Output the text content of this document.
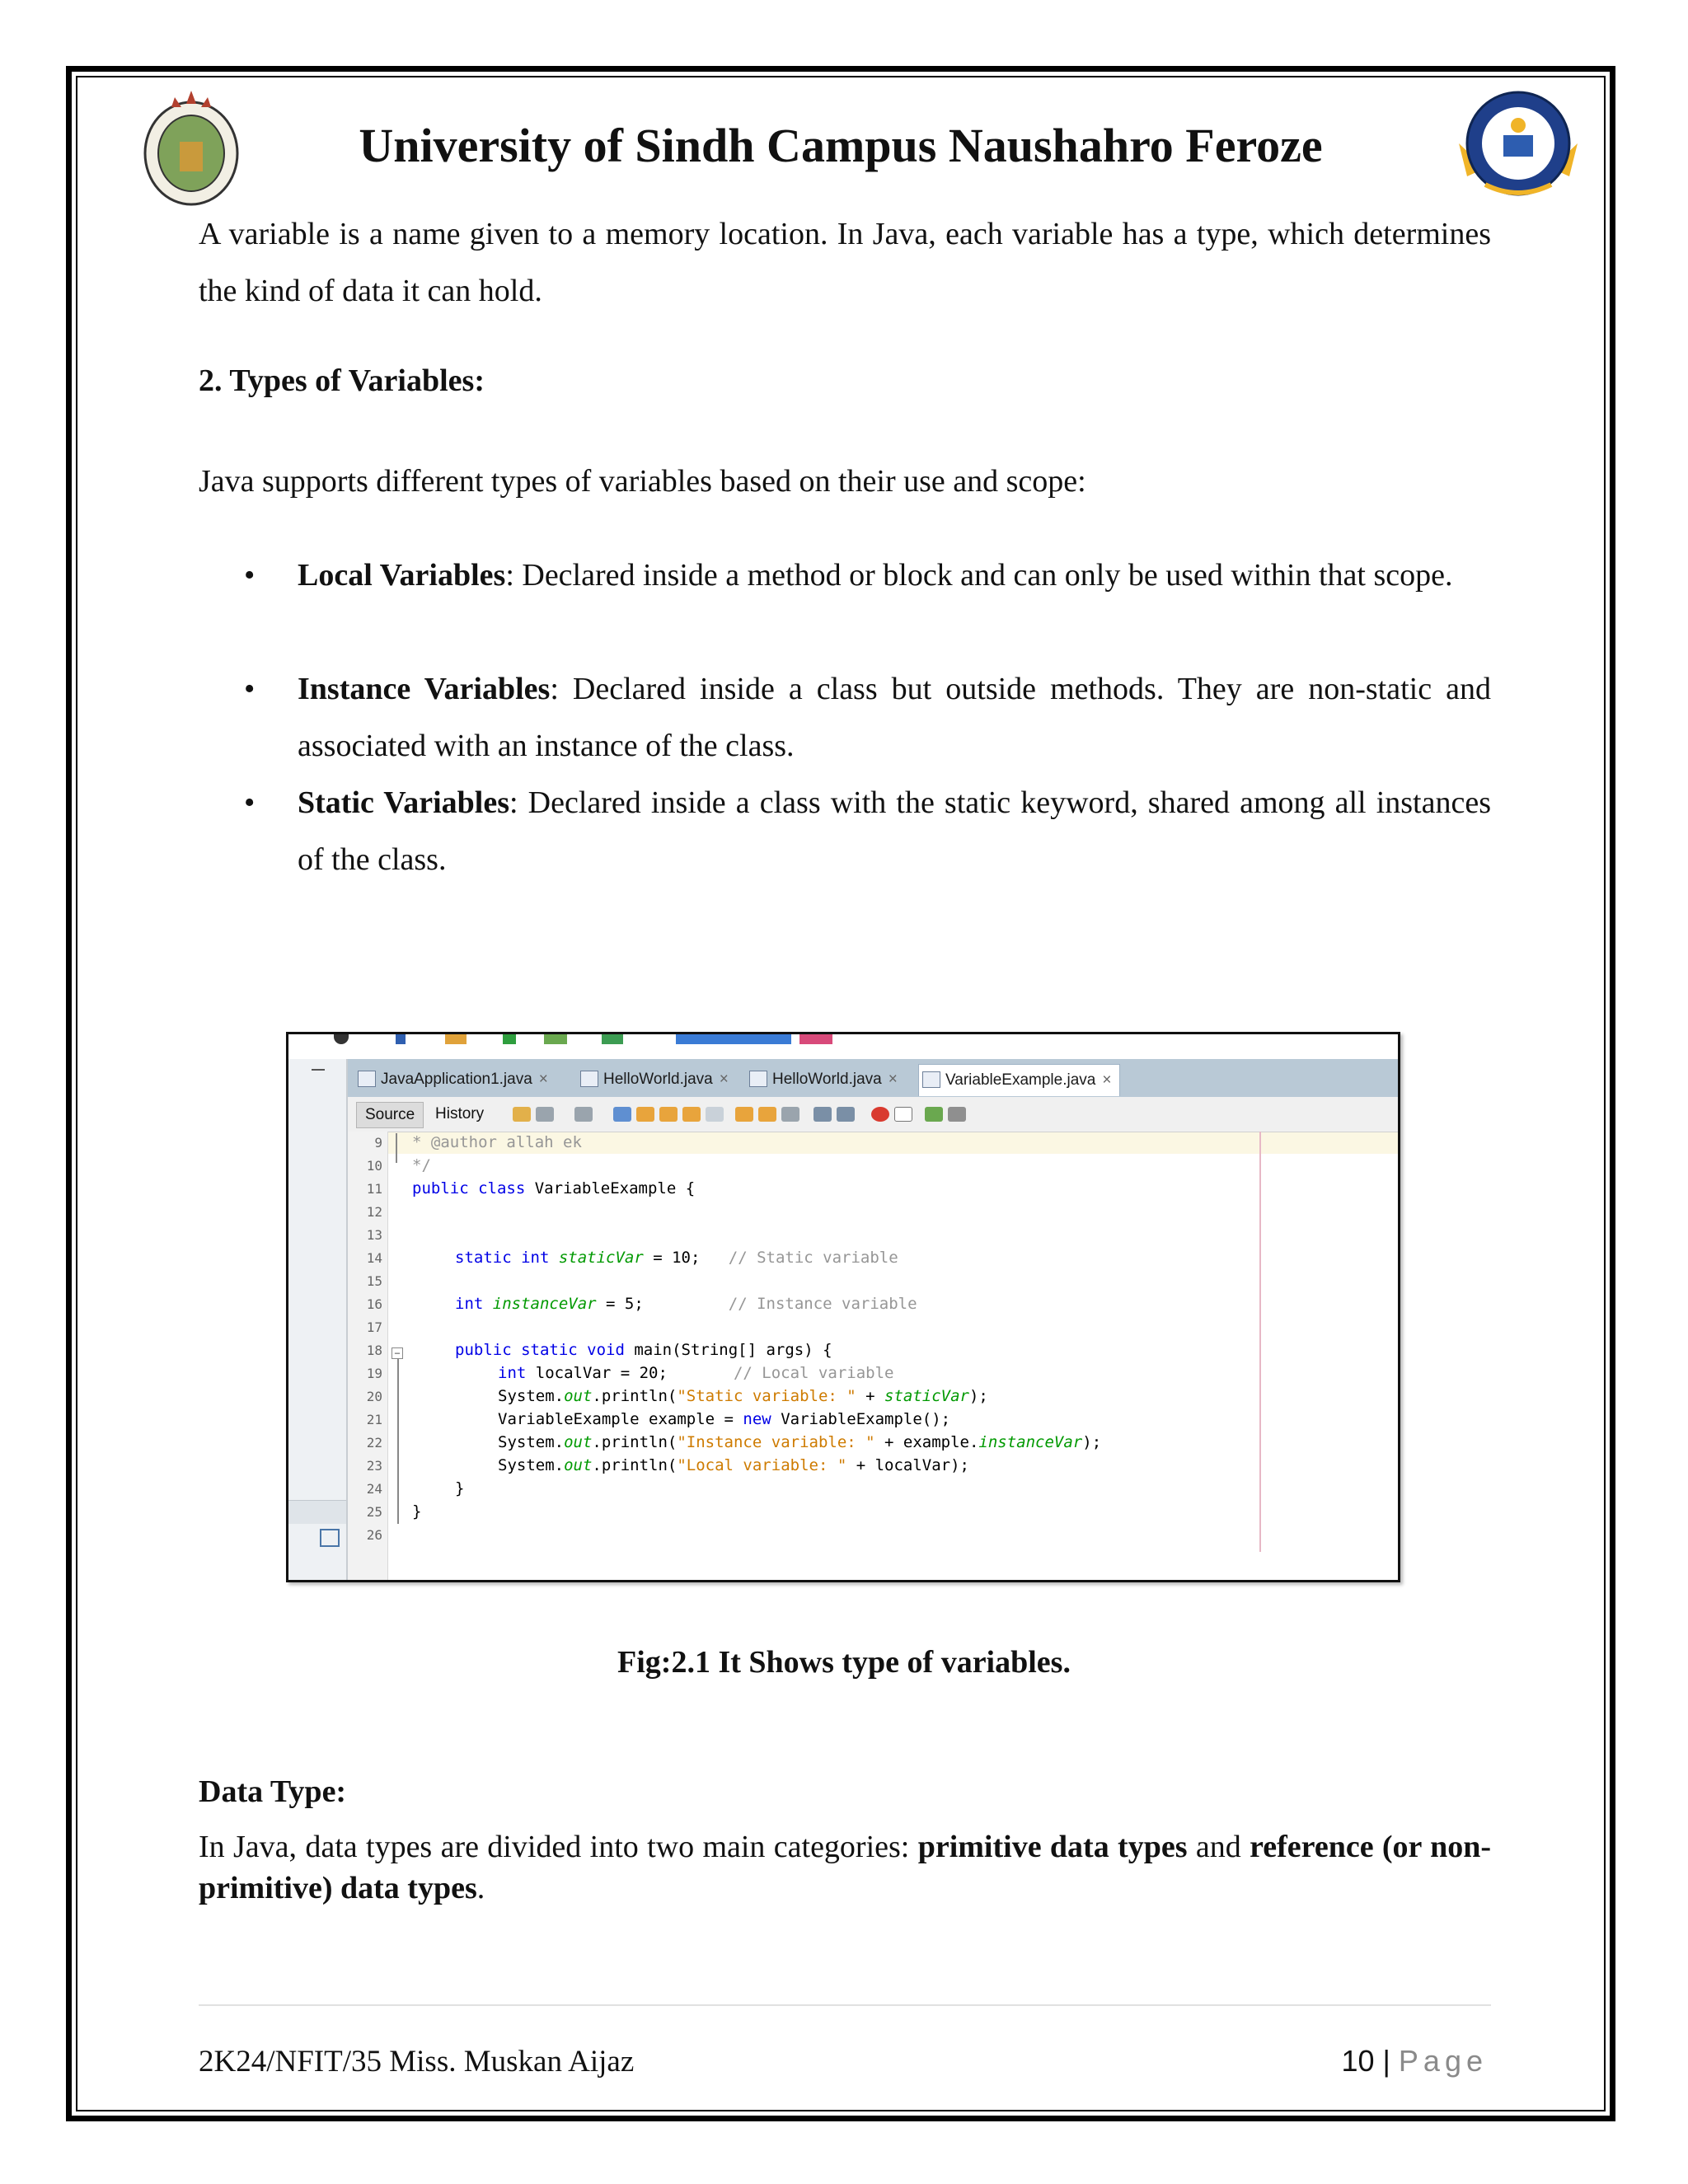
University of Sindh Campus Naushahro Feroze
A variable is a name given to a memory location. In Java, each variable has a type, which determines the kind of data it can hold.
2. Types of Variables:
Java supports different types of variables based on their use and scope:
• Local Variables: Declared inside a method or block and can only be used within that scope.
• Instance Variables: Declared inside a class but outside methods. They are non-static and associated with an instance of the class.
• Static Variables: Declared inside a class with the static keyword, shared among all instances of the class.
JavaApplication1.java ×	HelloWorld.java ×	HelloWorld.java ×	VariableExample.java ×
Source	History
9
10
11
12
13
14
15
16
17
18
19
20
21
22
23
24
25
26
−
* @author allah ek
*/
public class VariableExample {
static int staticVar = 10;   // Static variable
int instanceVar = 5;         // Instance variable
public static void main(String[] args) {
int localVar = 20;       // Local variable
System.out.println("Static variable: " + staticVar);
VariableExample example = new VariableExample();
System.out.println("Instance variable: " + example.instanceVar);
System.out.println("Local variable: " + localVar);
}
}
Fig:2.1 It Shows type of variables.
Data Type:
In Java, data types are divided into two main categories: primitive data types and reference (or non-primitive) data types.
2K24/NFIT/35 Miss. Muskan Aijaz	10 | Page
